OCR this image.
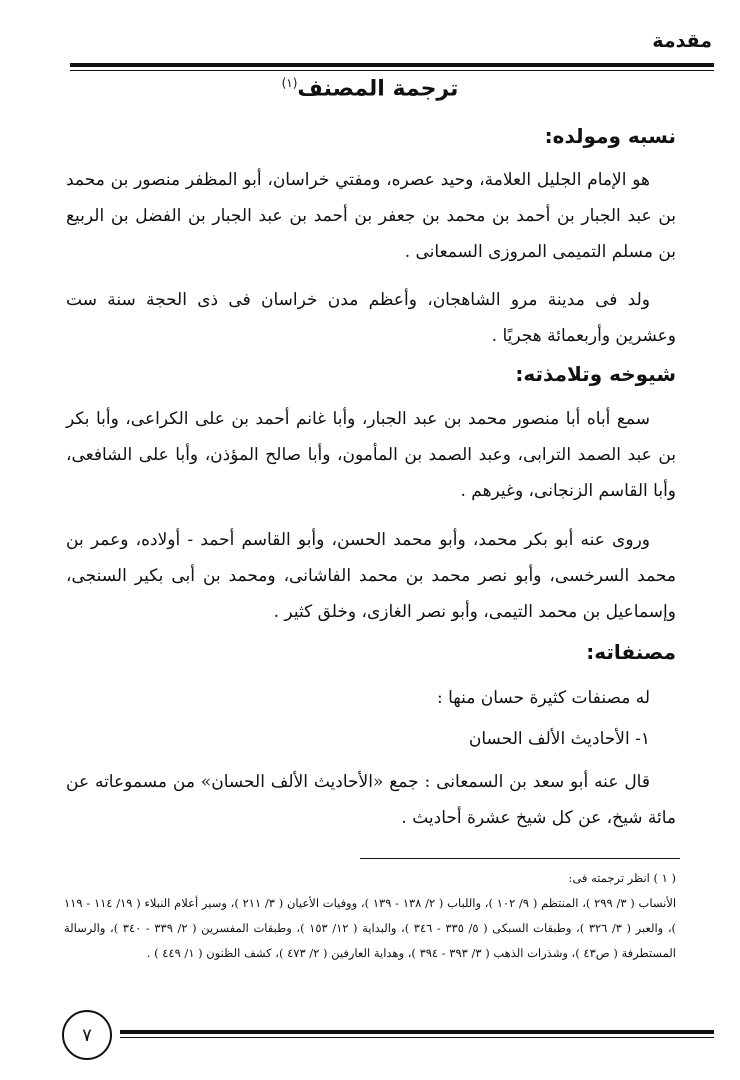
مقدمة
ترجمة المصنف$^{(١)}$
نسبه ومولده:
هو الإمام الجليل العلامة، وحيد عصره، ومفتي خراسان، أبو المظفر منصور بن محمد بن عبد الجبار بن أحمد بن محمد بن جعفر بن أحمد بن عبد الجبار بن الفضل بن الربيع بن مسلم التميمى المروزى السمعانى .
ولد فى مدينة مرو الشاهجان، وأعظم مدن خراسان فى ذى الحجة سنة ست وعشرين وأربعمائة هجريًا .
شيوخه وتلامذته:
سمع أباه أبا منصور محمد بن عبد الجبار، وأبا غانم أحمد بن على الكراعى، وأبا بكر بن عبد الصمد الترابى، وعبد الصمد بن المأمون، وأبا صالح المؤذن، وأبا على الشافعى، وأبا القاسم الزنجانى، وغيرهم .
وروى عنه أبو بكر محمد، وأبو محمد الحسن، وأبو القاسم أحمد - أولاده، وعمر بن محمد السرخسى، وأبو نصر محمد بن محمد الفاشانى، ومحمد بن أبى بكير السنجى، وإسماعيل بن محمد التيمى، وأبو نصر الغازى، وخلق كثير .
مصنفاته:
له مصنفات كثيرة حسان منها :
١- الأحاديث الألف الحسان
قال عنه أبو سعد بن السمعانى : جمع «الأحاديث الألف الحسان» من مسموعاته عن مائة شيخ، عن كل شيخ عشرة أحاديث .
( ١ ) انظر ترجمته فى:
الأنساب ( ٣/ ٢٩٩ )، المنتظم ( ٩/ ١٠٢ )، واللباب ( ٢/ ١٣٨ - ١٣٩ )، ووفيات الأعيان ( ٣/ ٢١١ )، وسير أعلام النبلاء ( ١٩/ ١١٤ - ١١٩ )، والعبر ( ٣/ ٣٢٦ )، وطبقات السبكى ( ٥/ ٣٣٥ - ٣٤٦ )، والبداية ( ١٢/ ١٥٣ )، وطبقات المفسرين ( ٢/ ٣٣٩ - ٣٤٠ )، والرسالة المستطرفة ( ص٤٣ )، وشذرات الذهب ( ٣/ ٣٩٣ - ٣٩٤ )، وهداية العارفين ( ٢/ ٤٧٣ )، كشف الظنون ( ١/ ٤٤٩ ) .
٧
